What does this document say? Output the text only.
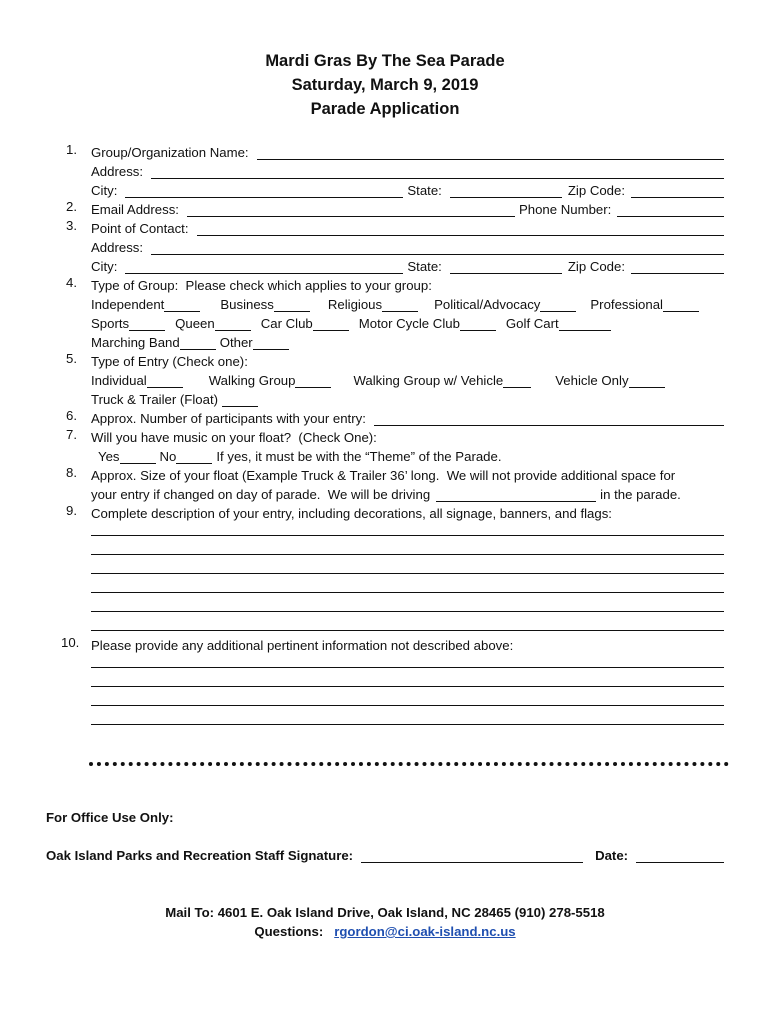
Mardi Gras By The Sea Parade
Saturday, March 9, 2019
Parade Application
1.	Group/Organization Name:
Address:
City:	State:	Zip Code:
2.	Email Address:	Phone Number:
3.	Point of Contact:
Address:
City:	State:	Zip Code:
4.	Type of Group:  Please check which applies to your group:
Independent	Business	Religious	Political/Advocacy	Professional
Sports	Queen	Car Club	Motor Cycle Club	Golf Cart
Marching Band	Other
5.	Type of Entry (Check one):
Individual	Walking Group	Walking Group w/ Vehicle	Vehicle Only
Truck & Trailer (Float)
6.	Approx. Number of participants with your entry:
7.	Will you have music on your float?  (Check One):
Yes	No	If yes, it must be with the “Theme” of the Parade.
8.	Approx. Size of your float (Example Truck & Trailer 36’ long.  We will not provide additional space for
your entry if changed on day of parade.  We will be driving	in the parade.
9.	Complete description of your entry, including decorations, all signage, banners, and flags:
10. Please provide any additional pertinent information not described above:
For Office Use Only:
Oak Island Parks and Recreation Staff Signature:	Date:
Mail To: 4601 E. Oak Island Drive, Oak Island, NC 28465 (910) 278-5518
Questions: rgordon@ci.oak-island.nc.us
